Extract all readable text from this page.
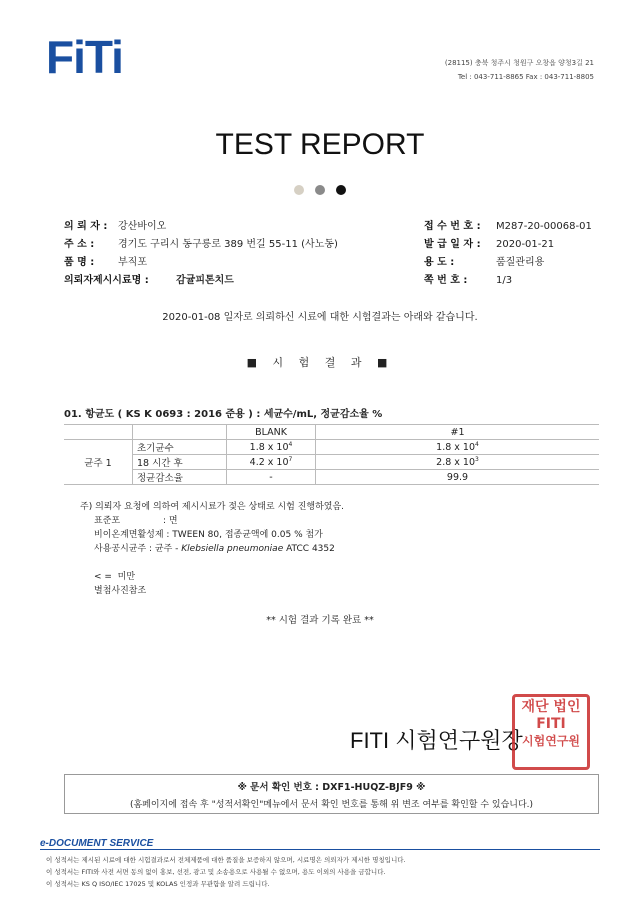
FiTi	(28115) 충북 청주시 청원구 오창읍 양청3길 21
Tel : 043-711-8865 Fax : 043-711-8805
TEST REPORT

의 뢰 자 : 강산바이오
주 소 : 경기도 구리시 동구릉로 389 번길 55-11 (사노동)
품 명 : 부직포
의뢰자제시시료명 :	감귤피톤치드
접 수 번 호 : M287-20-00068-01
발 급 일 자 : 2020-01-21
용 도 :	품질관리용
쪽 번 호 :	1/3
2020-01-08 일자로 의뢰하신 시료에 대한 시험결과는 아래와 같습니다.
■ 시 험 결 과 ■
01. 항균도 ( KS K 0693 : 2016 준용 ) : 세균수/mL, 정균감소율 %
		BLANK	#1
균주 1	초기균수	1.8 x $10^4$	1.8 x $10^4$
	18 시간 후	4.2 x $10^7$	2.8 x $10^3$
	정균감소율	-	99.9
주) 의뢰자 요청에 의하여 제시시료가 젖은 상태로 시험 진행하였음.
표준포               : 면
비이온계면활성제 : TWEEN 80, 접종균액에 0.05 % 첨가
사용공시균주 : 균주 - Klebsiella pneumoniae ATCC 4352
< =  미만
별첨사진참조
** 시험 결과 기록 완료 **
FITI 시험연구원장
재단 법인
FITI
시험연구원
※ 문서 확인 번호 : DXF1-HUQZ-BJF9 ※
(홈페이지에 접속 후 "성적서확인"메뉴에서 문서 확인 번호를 통해 위 변조 여부를 확인할 수 있습니다.)
e-DOCUMENT SERVICE
이 성적서는 제시된 시료에 대한 시험결과로서 전체제품에 대한 품질을 보증하지 않으며, 시료명은 의뢰자가 제시한 명칭입니다.
이 성적서는 FITI와 사전 서면 동의 없이 홍보, 선전, 광고 및 소송용으로 사용될 수 없으며, 용도 이외의 사용을 금합니다.
이 성적서는 KS Q ISO/IEC 17025 및 KOLAS 인정과 무관함을 알려 드립니다.
